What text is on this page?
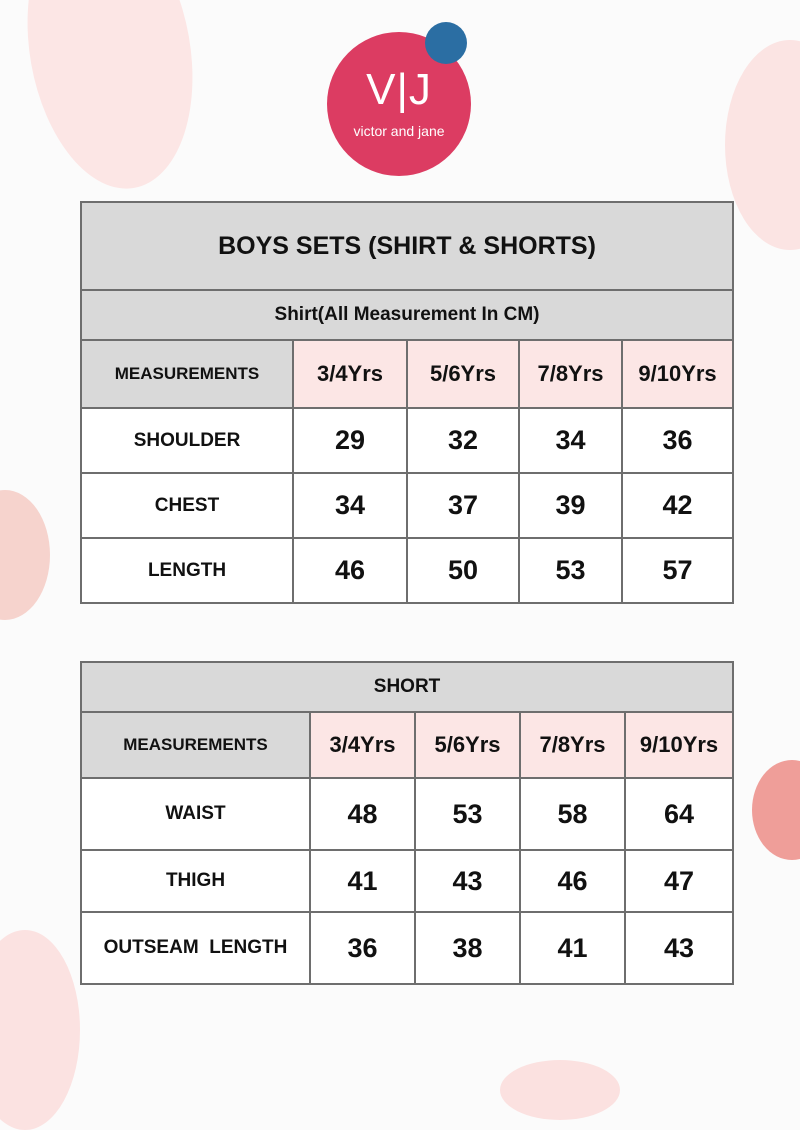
V|J
victor and jane
BOYS SETS (SHIRT & SHORTS)				
Shirt(All Measurement In CM)				
MEASUREMENTS	3/4Yrs	5/6Yrs	7/8Yrs	9/10Yrs
SHOULDER	29	32	34	36
CHEST	34	37	39	42
LENGTH	46	50	53	57
SHORT				
MEASUREMENTS	3/4Yrs	5/6Yrs	7/8Yrs	9/10Yrs
WAIST	48	53	58	64
THIGH	41	43	46	47
OUTSEAM  LENGTH	36	38	41	43
